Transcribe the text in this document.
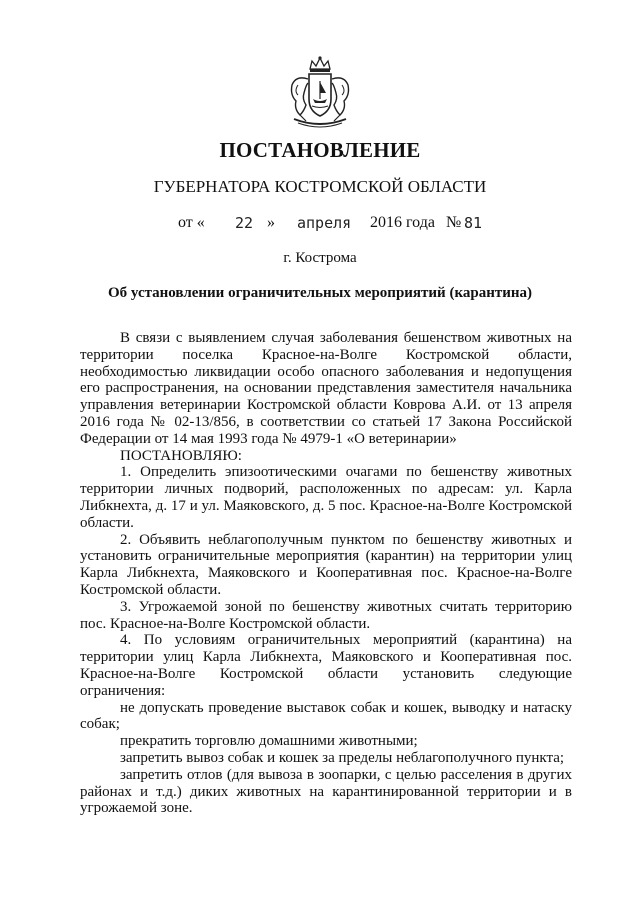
ПОСТАНОВЛЕНИЕ
ГУБЕРНАТОРА КОСТРОМСКОЙ ОБЛАСТИ
от « 22 » апреля 2016 года № 81
г. Кострома
Об установлении ограничительных мероприятий (карантина)

В связи с выявлением случая заболевания бешенством животных на территории поселка Красное-на-Волге Костромской области, необходимостью ликвидации особо опасного заболевания и недопущения его распространения, на основании представления заместителя начальника управления ветеринарии Костромской области Коврова А.И. от 13 апреля 2016 года № 02-13/856, в соответствии со статьей 17 Закона Российской Федерации от 14 мая 1993 года № 4979-1 «О ветеринарии»

ПОСТАНОВЛЯЮ:

1. Определить эпизоотическими очагами по бешенству животных территории личных подворий, расположенных по адресам: ул. Карла Либкнехта, д. 17 и ул. Маяковского, д. 5 пос. Красное-на-Волге Костромской области.

2. Объявить неблагополучным пунктом по бешенству животных и установить ограничительные мероприятия (карантин) на территории улиц Карла Либкнехта, Маяковского и Кооперативная пос. Красное-на-Волге Костромской области.

3. Угрожаемой зоной по бешенству животных считать территорию пос. Красное-на-Волге Костромской области.

4. По условиям ограничительных мероприятий (карантина) на территории улиц Карла Либкнехта, Маяковского и Кооперативная пос. Красное-на-Волге Костромской области установить следующие ограничения:

не допускать проведение выставок собак и кошек, выводку и натаску собак;

прекратить торговлю домашними животными;

запретить вывоз собак и кошек за пределы неблагополучного пункта;

запретить отлов (для вывоза в зоопарки, с целью расселения в других районах и т.д.) диких животных на карантинированной территории и в угрожаемой зоне.
